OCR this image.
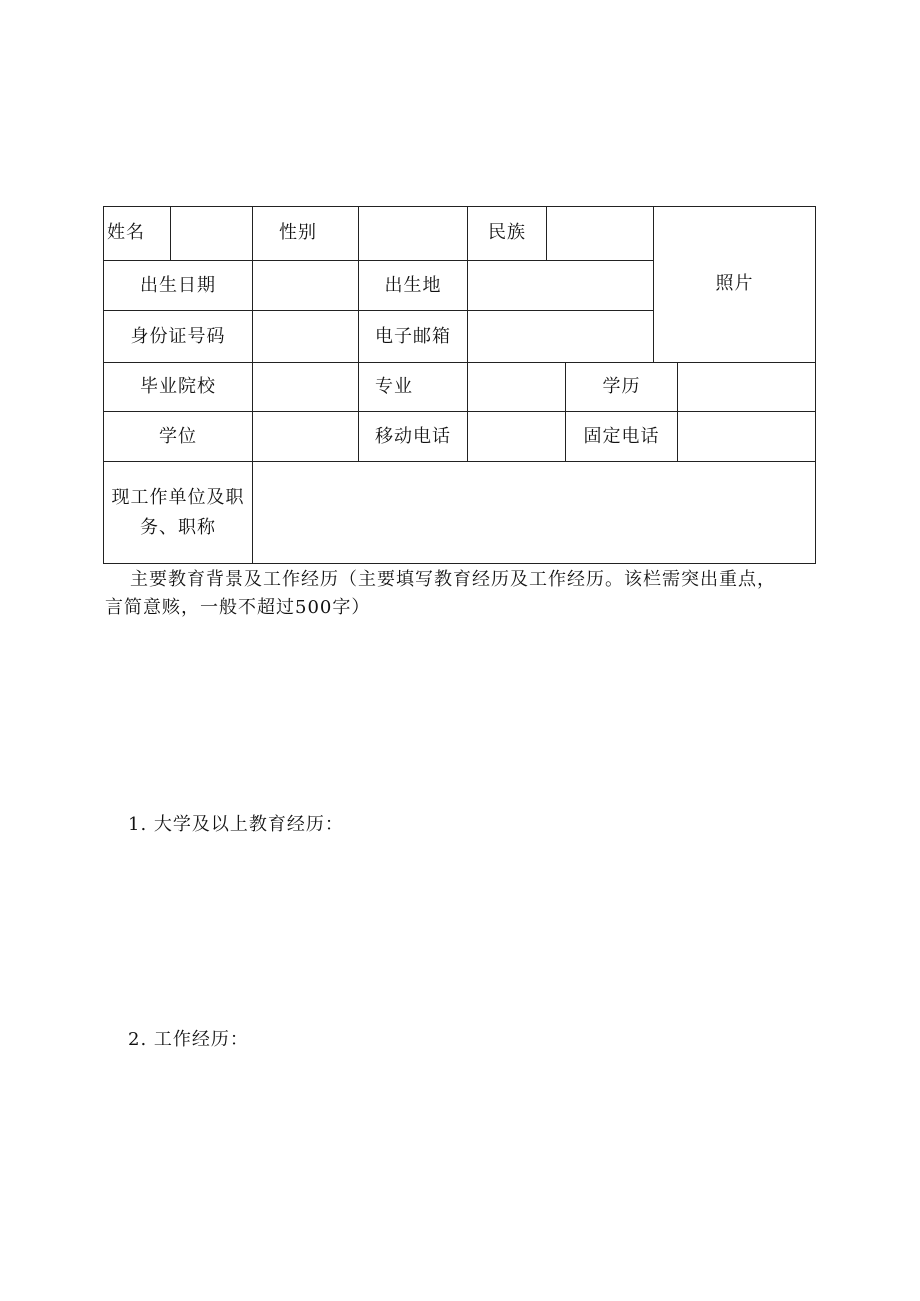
姓名	性别	民族
照片
出生日期	出生地
身份证号码	电子邮箱
毕业院校	专业	学历
学位	移动电话	固定电话
现工作单位及职务、职称
主要教育背景及工作经历（主要填写教育经历及工作经历。该栏需突出重点，
言简意赅，一般不超过500字）
1. 大学及以上教育经历：
2. 工作经历：
